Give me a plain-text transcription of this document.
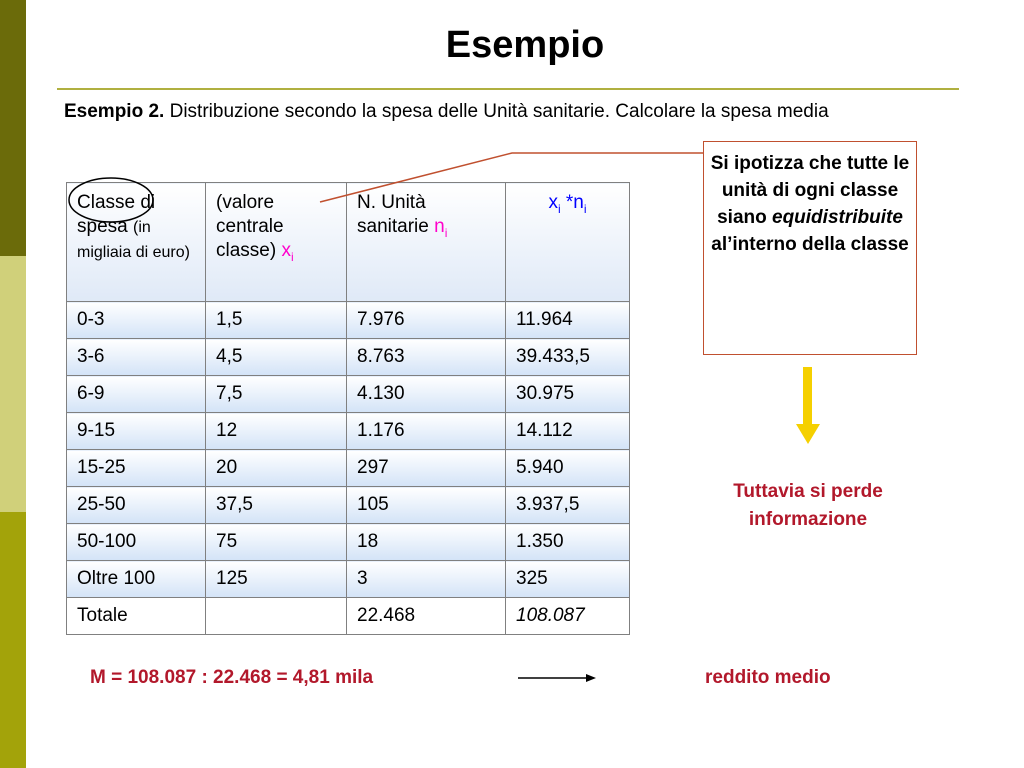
Esempio
Esempio 2. Distribuzione secondo la spesa delle Unità sanitarie. Calcolare la spesa media
Classe di spesa (in migliaia di euro)	(valore centrale classe) $x_i$	N. Unità sanitarie $n_i$	$x_i$ $*n_i$
0-3	1,5	7.976	11.964
3-6	4,5	8.763	39.433,5
6-9	7,5	4.130	30.975
9-15	12	1.176	14.112
15-25	20	297	5.940
25-50	37,5	105	3.937,5
50-100	75	18	1.350
Oltre 100	125	3	325
Totale		22.468	108.087
Si ipotizza che tutte le unità di ogni classe siano equidistribuite al’interno della classe
Tuttavia si perde informazione
M = 108.087 : 22.468 = 4,81 mila	reddito medio
